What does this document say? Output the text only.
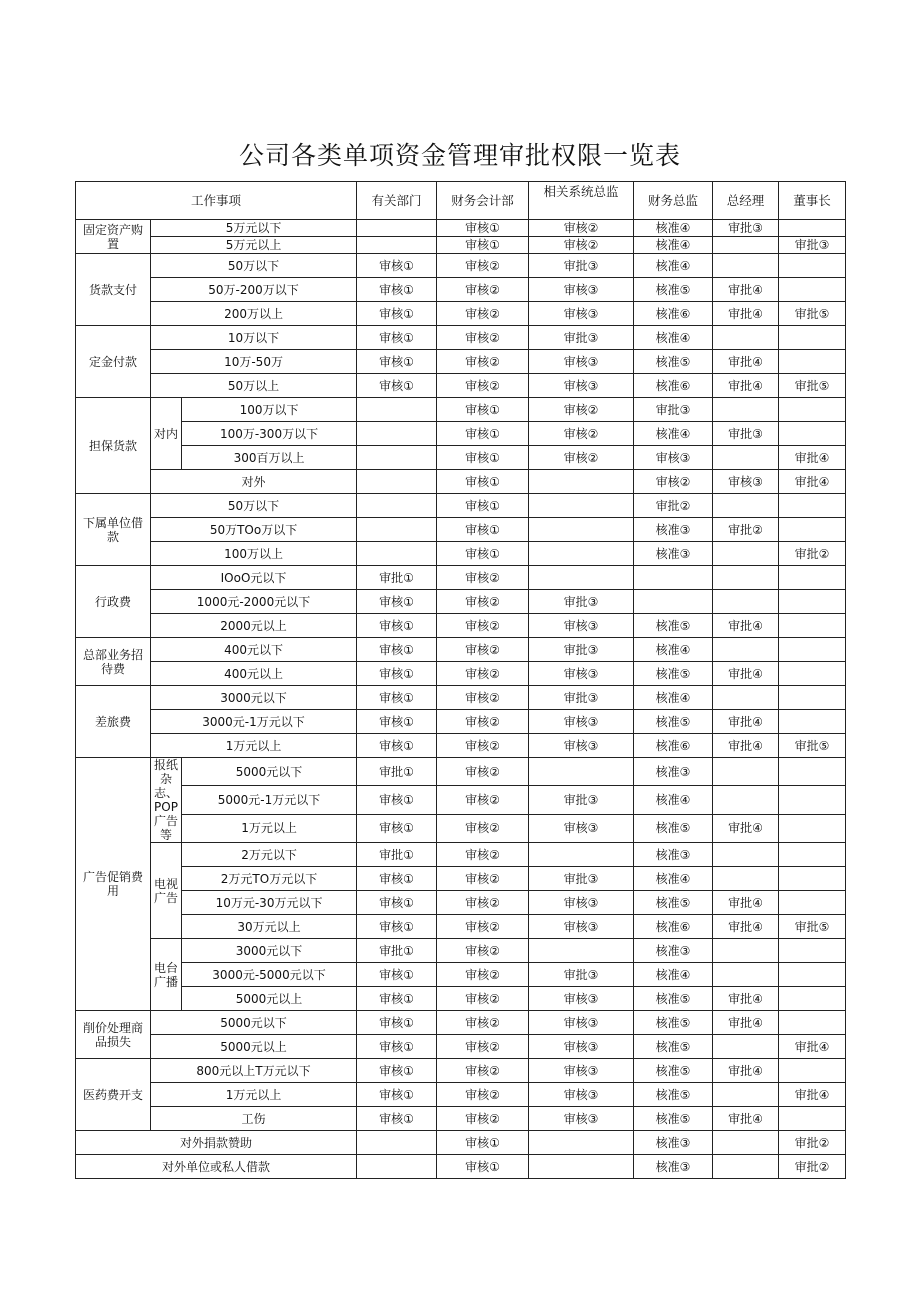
公司各类单项资金管理审批权限一览表
工作事项			有关部门	财务会计部	相关系统总监	财务总监	总经理	董事长
固定资产购置	5万元以下			审核①	审核②	核准④	审批③	
	5万元以上			审核①	审核②	核准④		审批③
货款支付	50万以下		审核①	审核②	审批③	核准④		
	50万-200万以下		审核①	审核②	审核③	核准⑤	审批④	
	200万以上		审核①	审核②	审核③	核准⑥	审批④	审批⑤
定金付款	10万以下		审核①	审核②	审批③	核准④		
	10万-50万		审核①	审核②	审核③	核准⑤	审批④	
	50万以上		审核①	审核②	审核③	核准⑥	审批④	审批⑤
担保货款	对内	100万以下		审核①	审核②	审批③		
		100万-300万以下		审核①	审核②	核准④	审批③	
		300百万以上		审核①	审核②	审核③		审批④
	对外			审核①		审核②	审核③	审批④
下属单位借款	50万以下			审核①		审批②		
	50万TOo万以下			审核①		核准③	审批②	
	100万以上			审核①		核准③		审批②
行政费	IOoO元以下		审批①	审核②				
	1000元-2000元以下		审核①	审核②	审批③			
	2000元以上		审核①	审核②	审核③	核准⑤	审批④	
总部业务招待费	400元以下		审核①	审核②	审批③	核准④		
	400元以上		审核①	审核②	审核③	核准⑤	审批④	
差旅费	3000元以下		审核①	审核②	审批③	核准④		
	3000元-1万元以下		审核①	审核②	审核③	核准⑤	审批④	
	1万元以上		审核①	审核②	审核③	核准⑥	审批④	审批⑤
广告促销费用	报纸杂志、POP广告等	5000元以下	审批①	审核②		核准③		
		5000元-1万元以下	审核①	审核②	审批③	核准④		
		1万元以上	审核①	审核②	审核③	核准⑤	审批④	
	电视广告	2万元以下	审批①	审核②		核准③		
		2万元TO万元以下	审核①	审核②	审批③	核准④		
		10万元-30万元以下	审核①	审核②	审核③	核准⑤	审批④	
		30万元以上	审核①	审核②	审核③	核准⑥	审批④	审批⑤
	电台广播	3000元以下	审批①	审核②		核准③		
		3000元-5000元以下	审核①	审核②	审批③	核准④		
		5000元以上	审核①	审核②	审核③	核准⑤	审批④	
削价处理商品损失	5000元以下		审核①	审核②	审核③	核准⑤	审批④	
	5000元以上		审核①	审核②	审核③	核准⑤		审批④
医药费开支	800元以上T万元以下		审核①	审核②	审核③	核准⑤	审批④	
	1万元以上		审核①	审核②	审核③	核准⑤		审批④
	工伤		审核①	审核②	审核③	核准⑤	审批④	
对外捐款赞助				审核①		核准③		审批②
对外单位或私人借款				审核①		核准③		审批②
